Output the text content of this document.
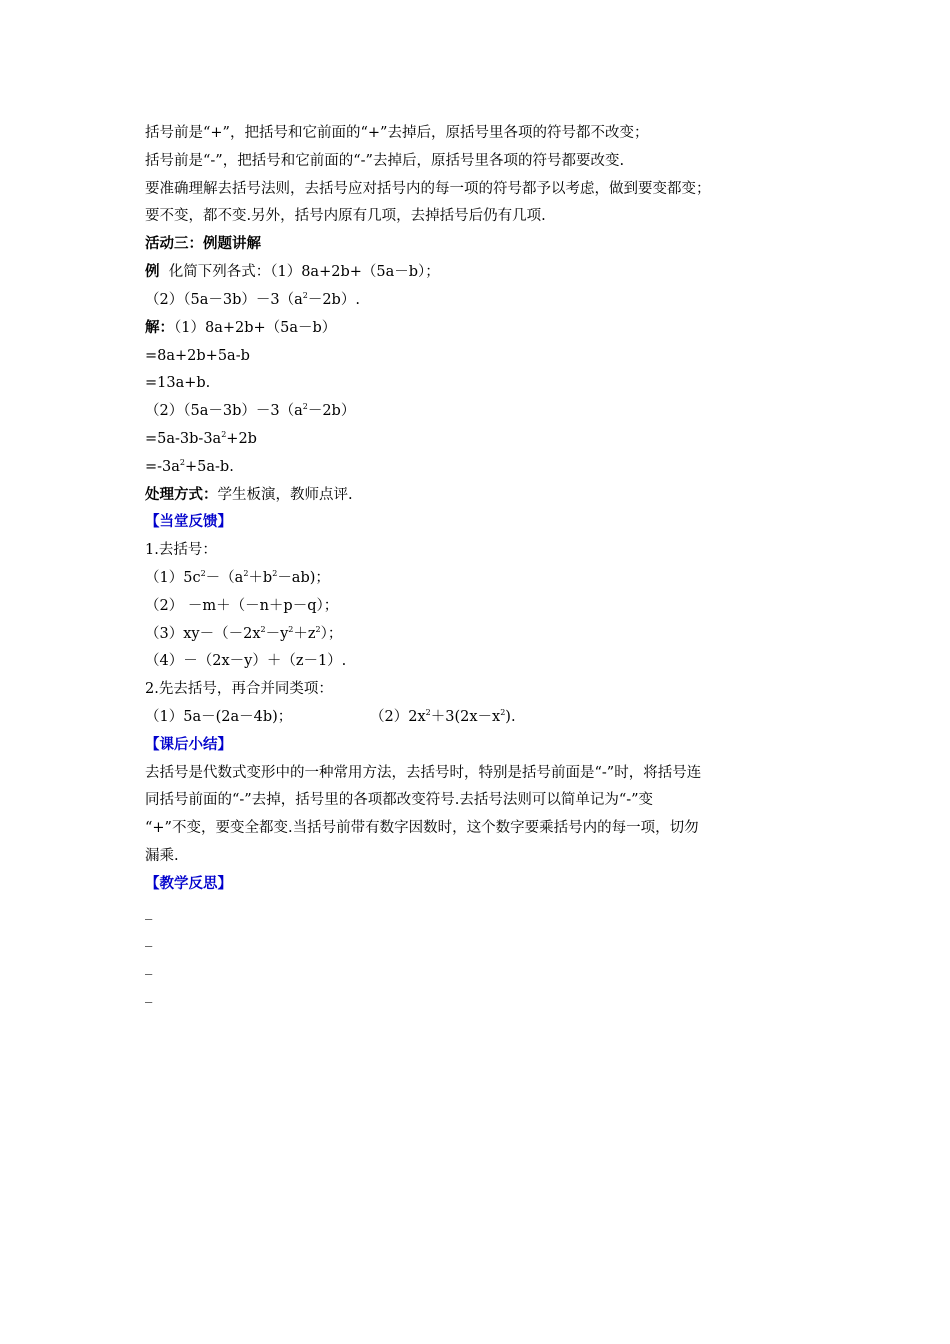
括号前是“+”，把括号和它前面的“+”去掉后，原括号里各项的符号都不改变；
括号前是“-”，把括号和它前面的“-”去掉后，原括号里各项的符号都要改变.
要准确理解去括号法则，去括号应对括号内的每一项的符号都予以考虑，做到要变都变；
要不变，都不变.另外，括号内原有几项，去掉括号后仍有几项.
活动三：例题讲解
例  化简下列各式：（1）8a+2b+（5a－b）；
$(2)(5a-3b)-3(a^2-2b)$.
解：（1）8a+2b+（5a－b）
=8a+2b+5a-b
=13a+b.
$(2)(5a-3b)-3(a^2-2b)$
$=5a-3b-3a^2+2b$
$=-3a^2+5a-b$.
处理方式：学生板演，教师点评.
【当堂反馈】
1.去括号：
$(1)5c^2-(a^2+b^2-ab)$；
（2） －m＋（－n＋p－q）；
$(3)xy-(-2x^2-y^2+z^2)$；
（4）－（2x－y）＋（z－1）.
2.先去括号，再合并同类项：
（1）5a－(2a－4b)；	$(2)2x^2+3(2x-x^2)$.
【课后小结】
去括号是代数式变形中的一种常用方法，去括号时，特别是括号前面是“-”时，将括号连
同括号前面的“-”去掉，括号里的各项都改变符号.去括号法则可以简单记为“-”变
“+”不变，要变全都变.当括号前带有数字因数时，这个数字要乘括号内的每一项，切勿
漏乘.
【教学反思】
_
_
_
_
